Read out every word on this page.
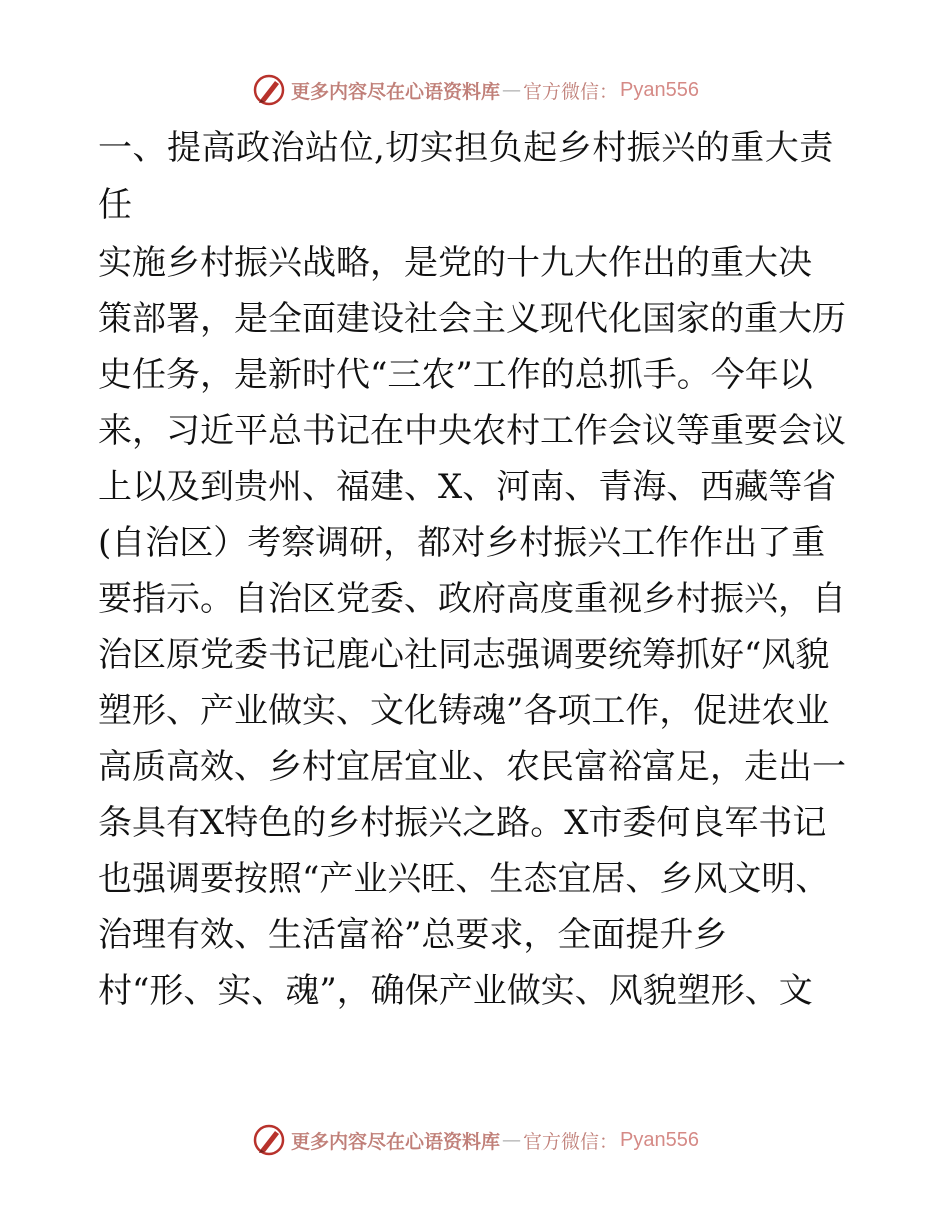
更多内容尽在心语资料库 — 官方微信： Pyan556
一、提高政治站位,切实担负起乡村振兴的重大责任

实施乡村振兴战略，是党的十九大作出的重大决

策部署，是全面建设社会主义现代化国家的重大历

史任务，是新时代“三农”工作的总抓手。今年以

来，习近平总书记在中央农村工作会议等重要会议

上以及到贵州、福建、X、河南、青海、西藏等省

(自治区）考察调研，都对乡村振兴工作作出了重

要指示。自治区党委、政府高度重视乡村振兴，自

治区原党委书记鹿心社同志强调要统筹抓好“风貌

塑形、产业做实、文化铸魂”各项工作，促进农业

高质高效、乡村宜居宜业、农民富裕富足，走出一

条具有X特色的乡村振兴之路。X市委何良军书记

也强调要按照“产业兴旺、生态宜居、乡风文明、

治理有效、生活富裕”总要求，全面提升乡

村“形、实、魂”，确保产业做实、风貌塑形、文

更多内容尽在心语资料库 — 官方微信： Pyan556
